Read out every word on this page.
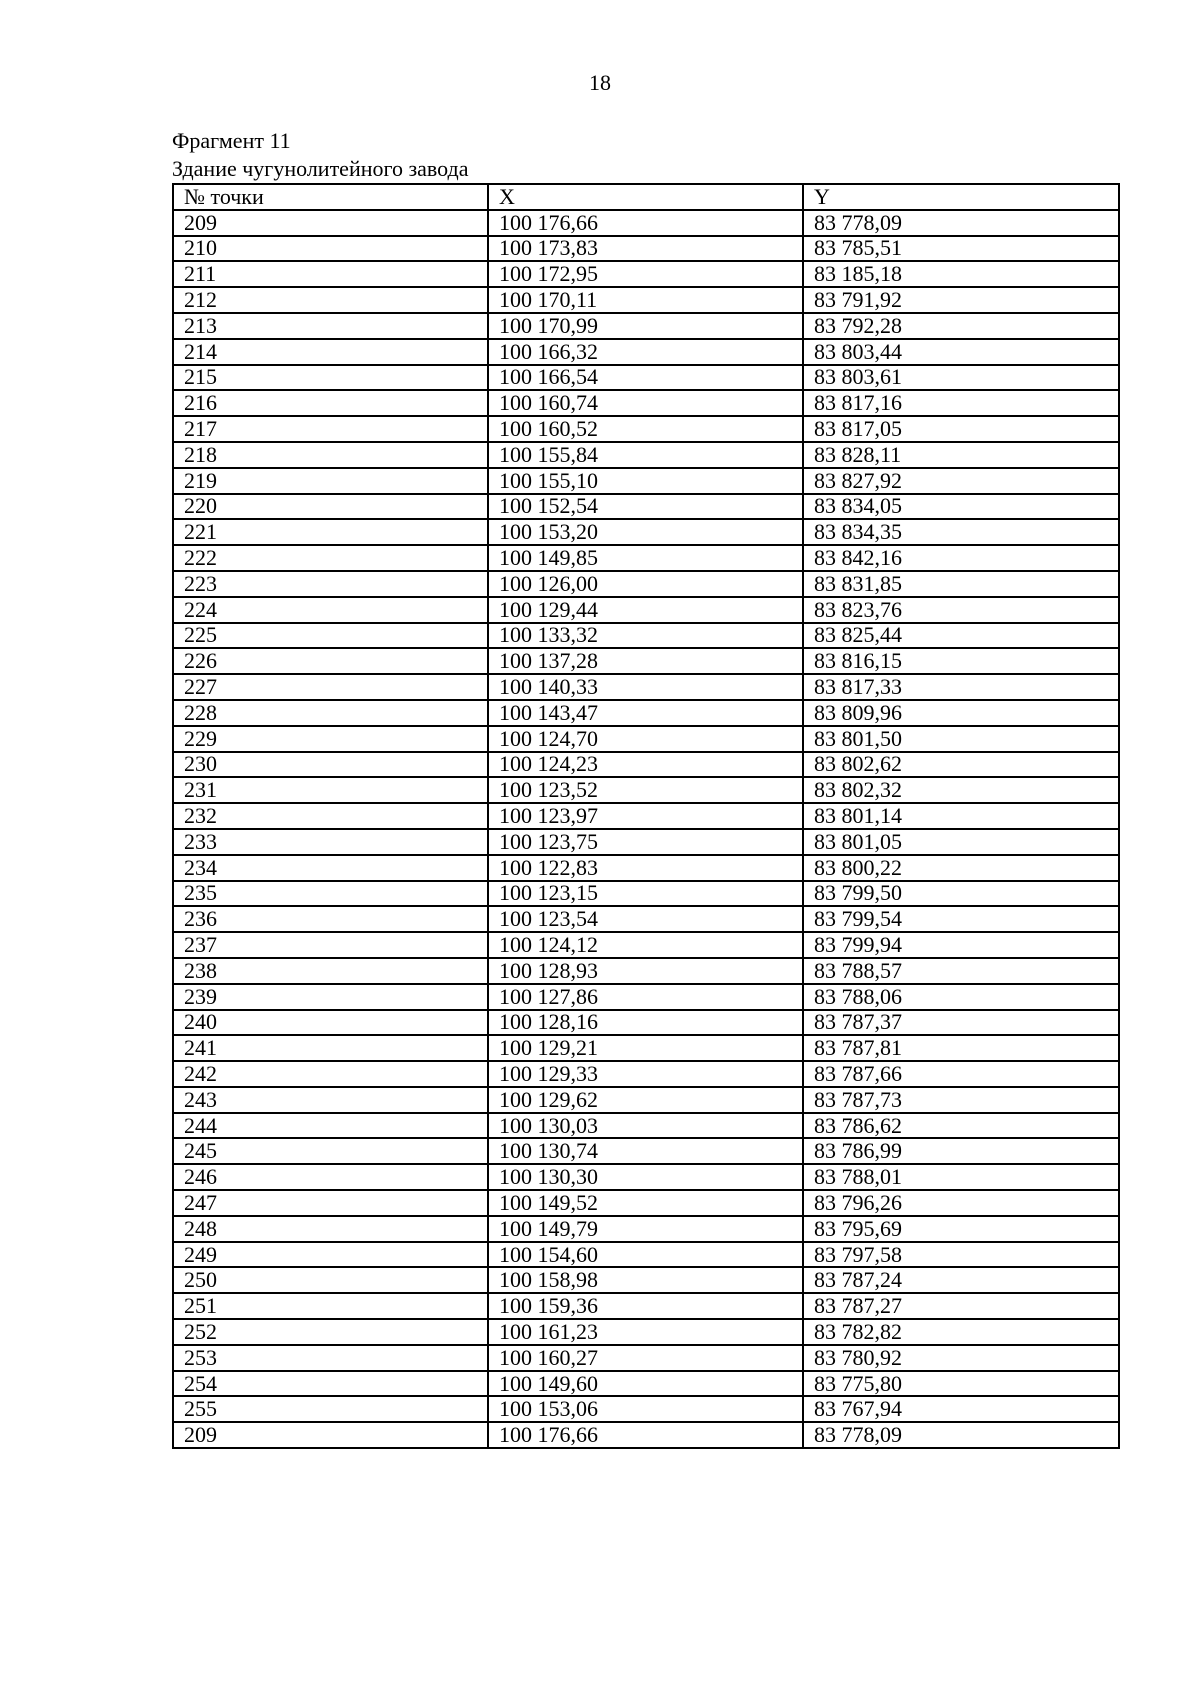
18
Фрагмент 11
Здание чугунолитейного завода
№ точки	X	Y
209	100 176,66	83 778,09
210	100 173,83	83 785,51
211	100 172,95	83 185,18
212	100 170,11	83 791,92
213	100 170,99	83 792,28
214	100 166,32	83 803,44
215	100 166,54	83 803,61
216	100 160,74	83 817,16
217	100 160,52	83 817,05
218	100 155,84	83 828,11
219	100 155,10	83 827,92
220	100 152,54	83 834,05
221	100 153,20	83 834,35
222	100 149,85	83 842,16
223	100 126,00	83 831,85
224	100 129,44	83 823,76
225	100 133,32	83 825,44
226	100 137,28	83 816,15
227	100 140,33	83 817,33
228	100 143,47	83 809,96
229	100 124,70	83 801,50
230	100 124,23	83 802,62
231	100 123,52	83 802,32
232	100 123,97	83 801,14
233	100 123,75	83 801,05
234	100 122,83	83 800,22
235	100 123,15	83 799,50
236	100 123,54	83 799,54
237	100 124,12	83 799,94
238	100 128,93	83 788,57
239	100 127,86	83 788,06
240	100 128,16	83 787,37
241	100 129,21	83 787,81
242	100 129,33	83 787,66
243	100 129,62	83 787,73
244	100 130,03	83 786,62
245	100 130,74	83 786,99
246	100 130,30	83 788,01
247	100 149,52	83 796,26
248	100 149,79	83 795,69
249	100 154,60	83 797,58
250	100 158,98	83 787,24
251	100 159,36	83 787,27
252	100 161,23	83 782,82
253	100 160,27	83 780,92
254	100 149,60	83 775,80
255	100 153,06	83 767,94
209	100 176,66	83 778,09
